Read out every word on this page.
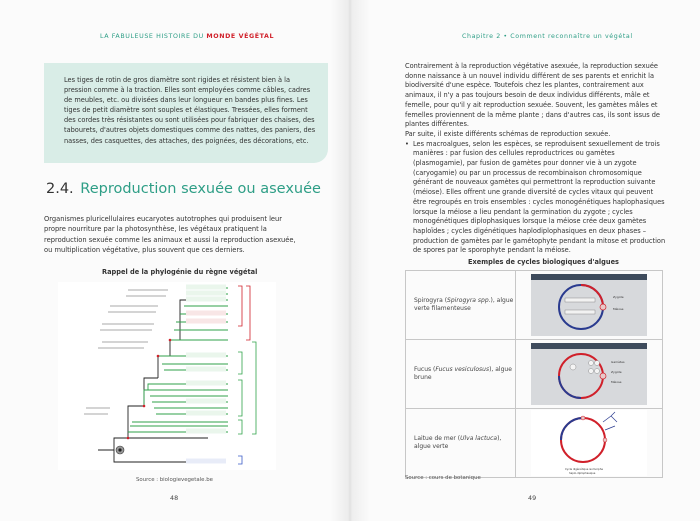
LA FABULEUSE HISTOIRE DU MONDE VÉGÉTAL

Les tiges de rotin de gros diamètre sont rigides et résistent bien à la pression comme à la traction. Elles sont employées comme câbles, cadres de meubles, etc. ou divisées dans leur longueur en bandes plus fines. Les tiges de petit diamètre sont souples et élastiques. Tressées, elles forment des cordes très résistantes ou sont utilisées pour fabriquer des chaises, des tabourets, d'autres objets domestiques comme des nattes, des paniers, des nasses, des casquettes, des attaches, des poignées, des décorations, etc.

2.4. Reproduction sexuée ou asexuée
Organismes pluricellulaires eucaryotes autotrophes qui produisent leur propre nourriture par la photosynthèse, les végétaux pratiquent la reproduction sexuée comme les animaux et aussi la reproduction asexuée, ou multiplication végétative, plus souvent que ces derniers.
Rappel de la phylogénie du règne végétal
Source : biologievegetale.be
48
Chapitre 2 • Comment reconnaître un végétal

Contrairement à la reproduction végétative asexuée, la reproduction sexuée donne naissance à un nouvel individu différent de ses parents et enrichit la biodiversité d'une espèce. Toutefois chez les plantes, contrairement aux animaux, il n'y a pas toujours besoin de deux individus différents, mâle et femelle, pour qu'il y ait reproduction sexuée. Souvent, les gamètes mâles et femelles proviennent de la même plante ; dans d'autres cas, ils sont issus de plantes différentes.

Par suite, il existe différents schémas de reproduction sexuée.

• Les macroalgues, selon les espèces, se reproduisent sexuellement de trois manières : par fusion des cellules reproductrices ou gamètes (plasmogamie), par fusion de gamètes pour donner vie à un zygote (caryogamie) ou par un processus de recombinaison chromosomique générant de nouveaux gamètes qui permettront la reproduction suivante (méiose). Elles offrent une grande diversité de cycles vitaux qui peuvent être regroupés en trois ensembles : cycles monogénétiques haplophasiques lorsque la méiose a lieu pendant la germination du zygote ; cycles monogénétiques diplophasiques lorsque la méiose crée deux gamètes haploïdes ; cycles digénétiques haplodiplophasiques en deux phases – production de gamètes par le gamétophyte pendant la mitose et production de spores par le sporophyte pendant la méiose.

Exemples de cycles biologiques d'algues
Spirogyra (Spirogyra spp.), algue verte filamenteuse	Zygote
Méiose

Fucus (Fucus vesiculosus), algue brune	Gamètes
Zygote
Méiose

Laitue de mer (Ulva lactuca), algue verte	Cycle digénétique isomorphe
haplo-diplophasique
Source : cours de botanique
49
